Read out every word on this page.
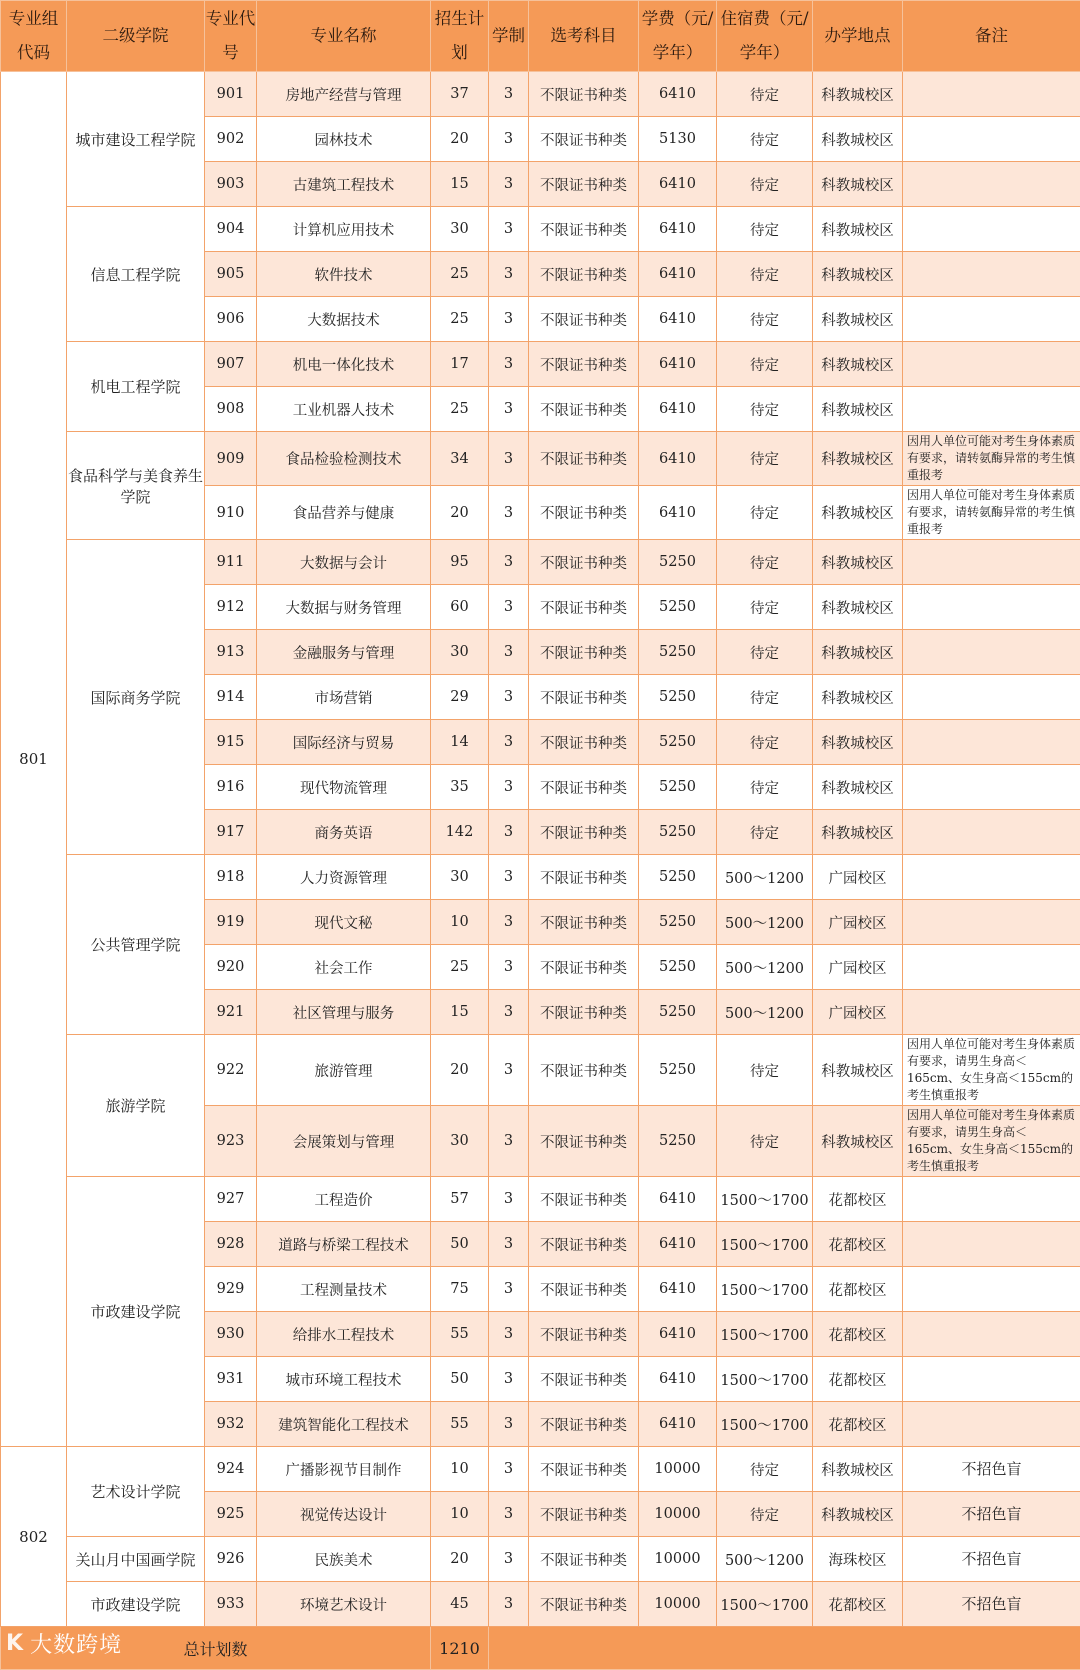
专业组代码	二级学院	专业代号	专业名称	招生计划	学制	选考科目	学费（元/学年）	住宿费（元/学年）	办学地点	备注
801	城市建设工程学院	901	房地产经营与管理	37	3	不限证书种类	6410	待定	科教城校区	
		902	园林技术	20	3	不限证书种类	5130	待定	科教城校区	
		903	古建筑工程技术	15	3	不限证书种类	6410	待定	科教城校区	
	信息工程学院	904	计算机应用技术	30	3	不限证书种类	6410	待定	科教城校区	
		905	软件技术	25	3	不限证书种类	6410	待定	科教城校区	
		906	大数据技术	25	3	不限证书种类	6410	待定	科教城校区	
	机电工程学院	907	机电一体化技术	17	3	不限证书种类	6410	待定	科教城校区	
		908	工业机器人技术	25	3	不限证书种类	6410	待定	科教城校区	
	食品科学与美食养生学院	909	食品检验检测技术	34	3	不限证书种类	6410	待定	科教城校区	因用人单位可能对考生身体素质有要求，请转氨酶异常的考生慎重报考
		910	食品营养与健康	20	3	不限证书种类	6410	待定	科教城校区	因用人单位可能对考生身体素质有要求，请转氨酶异常的考生慎重报考
	国际商务学院	911	大数据与会计	95	3	不限证书种类	5250	待定	科教城校区	
		912	大数据与财务管理	60	3	不限证书种类	5250	待定	科教城校区	
		913	金融服务与管理	30	3	不限证书种类	5250	待定	科教城校区	
		914	市场营销	29	3	不限证书种类	5250	待定	科教城校区	
		915	国际经济与贸易	14	3	不限证书种类	5250	待定	科教城校区	
		916	现代物流管理	35	3	不限证书种类	5250	待定	科教城校区	
		917	商务英语	142	3	不限证书种类	5250	待定	科教城校区	
	公共管理学院	918	人力资源管理	30	3	不限证书种类	5250	500～1200	广园校区	
		919	现代文秘	10	3	不限证书种类	5250	500～1200	广园校区	
		920	社会工作	25	3	不限证书种类	5250	500～1200	广园校区	
		921	社区管理与服务	15	3	不限证书种类	5250	500～1200	广园校区	
	旅游学院	922	旅游管理	20	3	不限证书种类	5250	待定	科教城校区	因用人单位可能对考生身体素质有要求，请男生身高＜165cm、女生身高＜155cm的考生慎重报考
		923	会展策划与管理	30	3	不限证书种类	5250	待定	科教城校区	因用人单位可能对考生身体素质有要求，请男生身高＜165cm、女生身高＜155cm的考生慎重报考
	市政建设学院	927	工程造价	57	3	不限证书种类	6410	1500～1700	花都校区	
		928	道路与桥梁工程技术	50	3	不限证书种类	6410	1500～1700	花都校区	
		929	工程测量技术	75	3	不限证书种类	6410	1500～1700	花都校区	
		930	给排水工程技术	55	3	不限证书种类	6410	1500～1700	花都校区	
		931	城市环境工程技术	50	3	不限证书种类	6410	1500～1700	花都校区	
		932	建筑智能化工程技术	55	3	不限证书种类	6410	1500～1700	花都校区	
802	艺术设计学院	924	广播影视节目制作	10	3	不限证书种类	10000	待定	科教城校区	不招色盲
		925	视觉传达设计	10	3	不限证书种类	10000	待定	科教城校区	不招色盲
	关山月中国画学院	926	民族美术	20	3	不限证书种类	10000	500～1200	海珠校区	不招色盲
	市政建设学院	933	环境艺术设计	45	3	不限证书种类	10000	1500～1700	花都校区	不招色盲
总计划数				1210						
K 大数跨境
